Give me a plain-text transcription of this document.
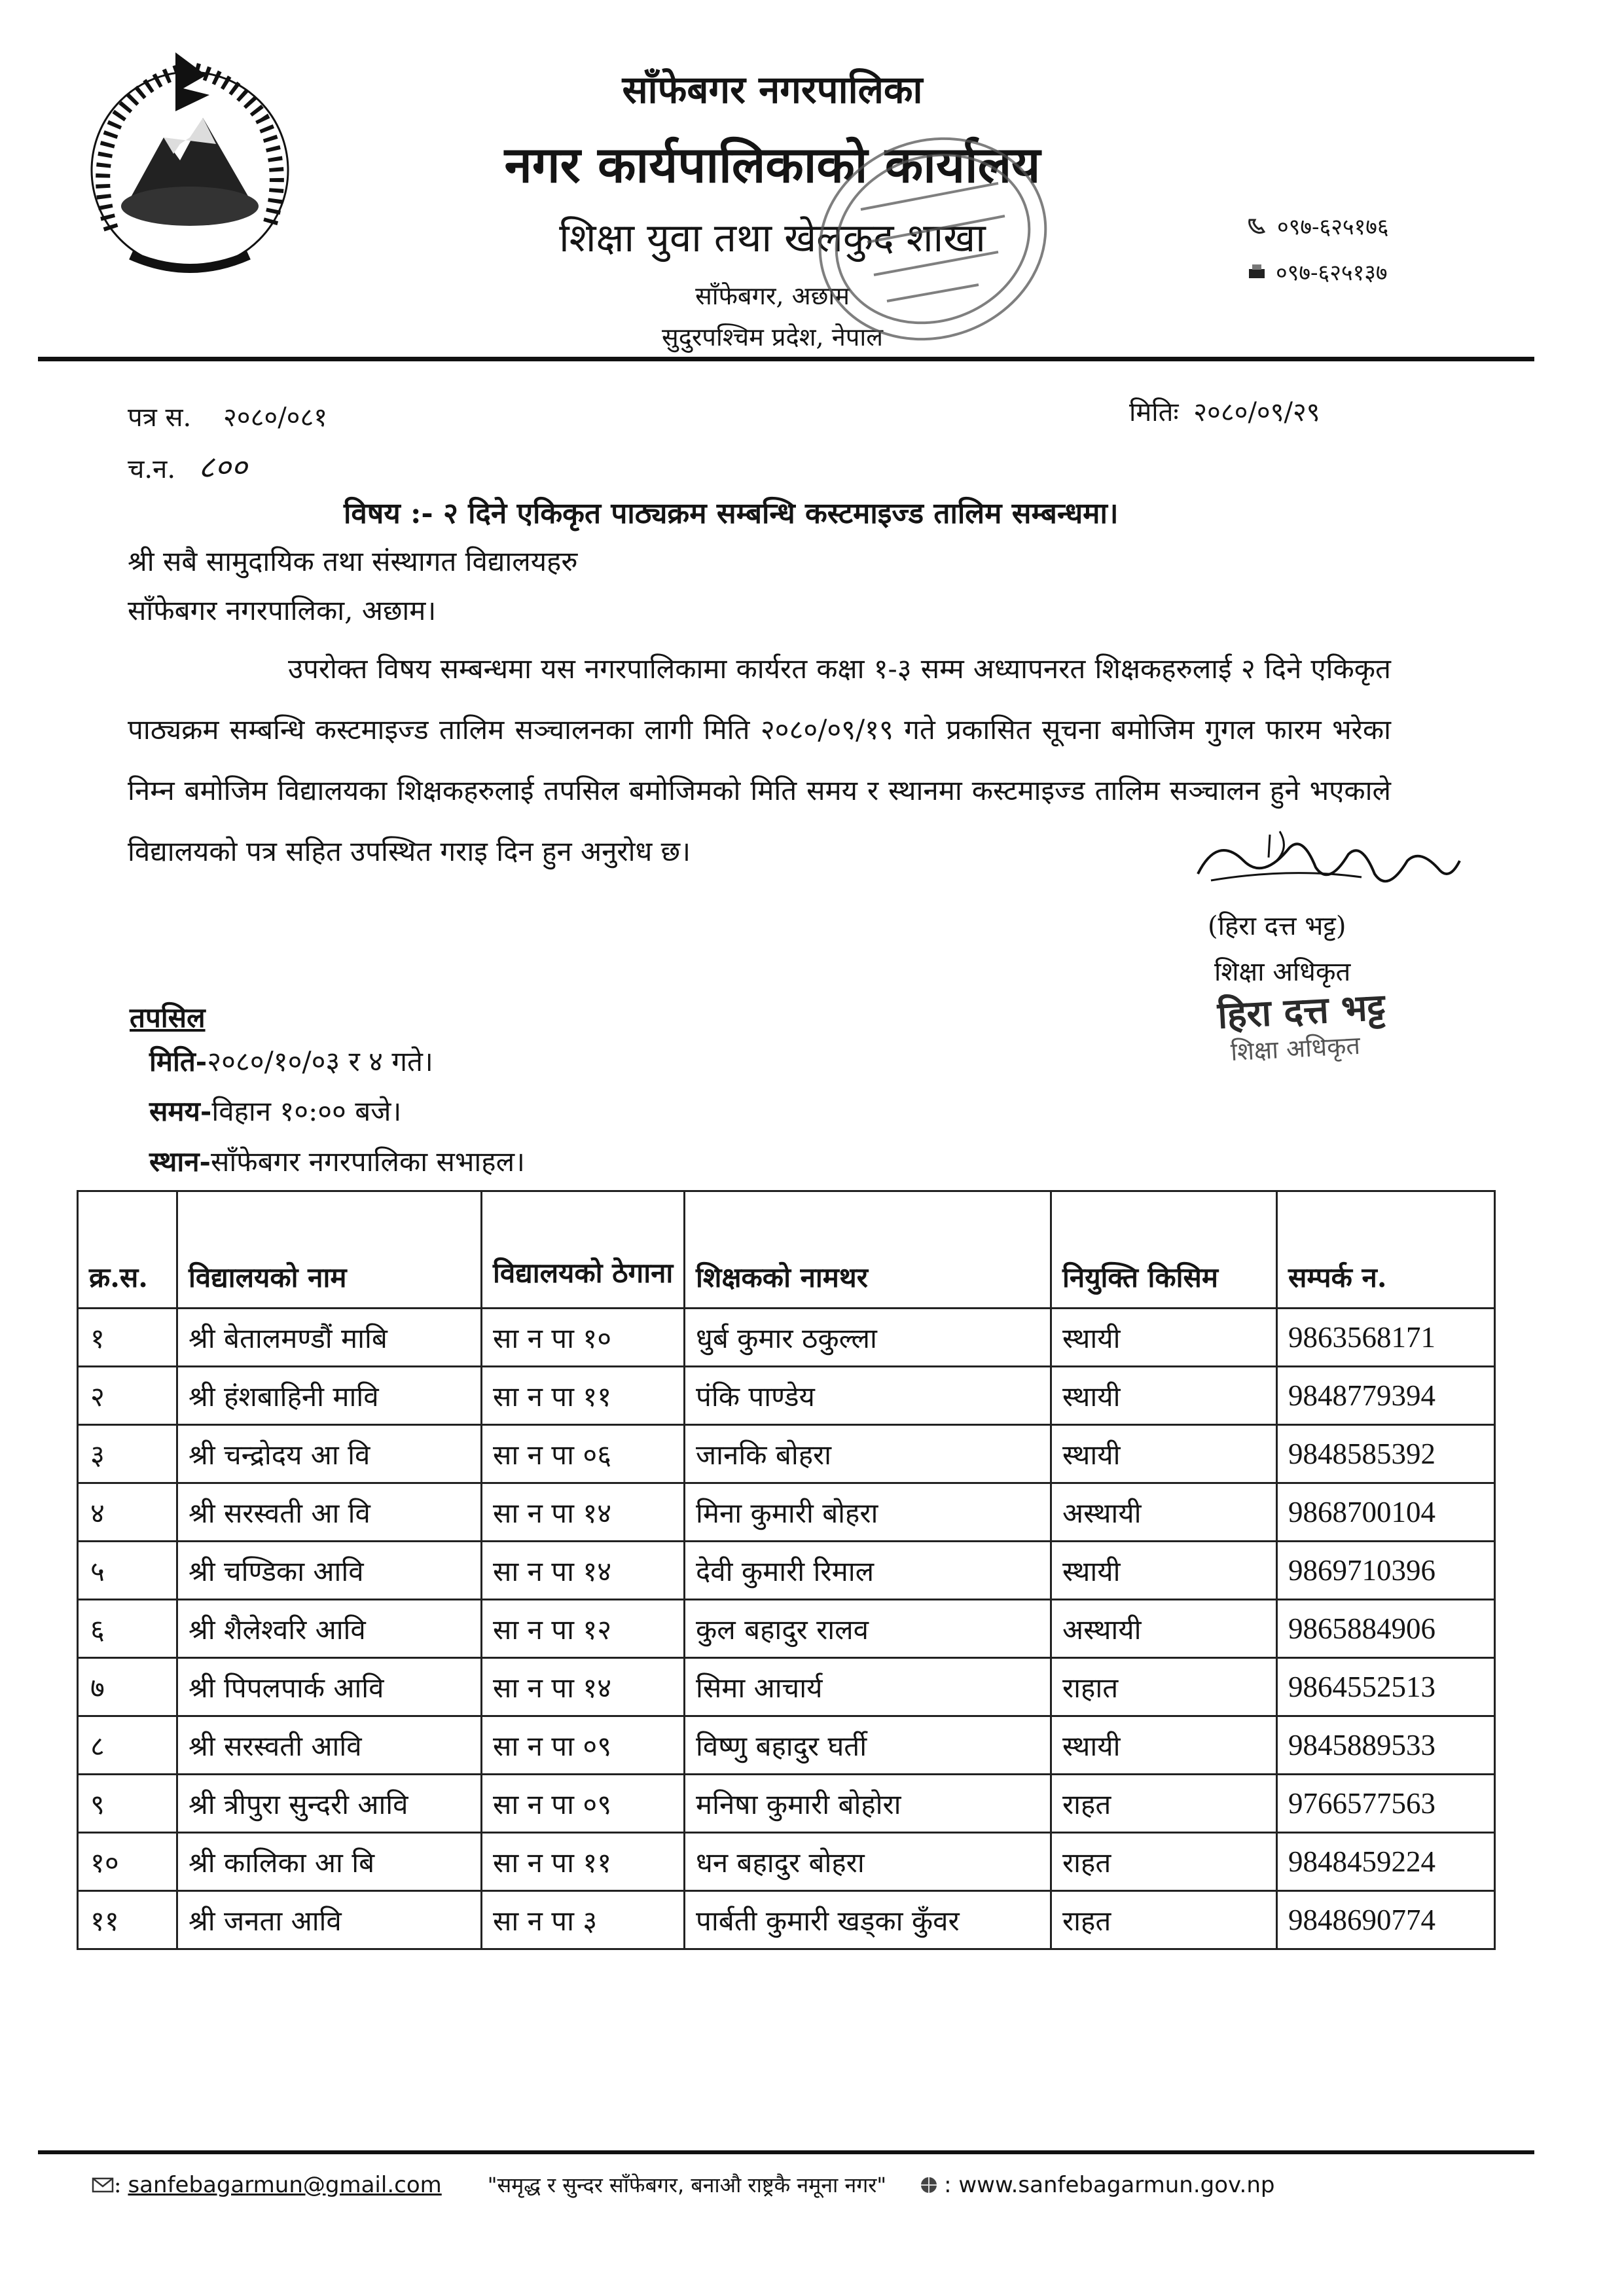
साँफेबगर नगरपालिका
नगर कार्यपालिकाको कार्यालय
शिक्षा युवा तथा खेलकुद शाखा
साँफेबगर, अछाम
सुदुरपश्चिम प्रदेश, नेपाल
०९७-६२५१७६
०९७-६२५१३७
पत्र स. २०८०/०८१	मितिः २०८०/०९/२९
च.न. ८००
विषय :- २ दिने एकिकृत पाठ्यक्रम सम्बन्धि कस्टमाइज्ड तालिम सम्बन्धमा।
श्री सबै सामुदायिक तथा संस्थागत विद्यालयहरु
साँफेबगर नगरपालिका, अछाम।
उपरोक्त विषय सम्बन्धमा यस नगरपालिकामा कार्यरत कक्षा १-३ सम्म अध्यापनरत शिक्षकहरुलाई २ दिने एकिकृत पाठ्यक्रम सम्बन्धि कस्टमाइज्ड तालिम सञ्चालनका लागी मिति २०८०/०९/१९ गते प्रकासित सूचना बमोजिम गुगल फारम भरेका निम्न बमोजिम विद्यालयका शिक्षकहरुलाई तपसिल बमोजिमको मिति समय र स्थानमा कस्टमाइज्ड तालिम सञ्चालन हुने भएकाले विद्यालयको पत्र सहित उपस्थित गराइ दिन हुन अनुरोध छ।
(हिरा दत्त भट्ट)
शिक्षा अधिकृत
हिरा दत्त भट्ट
शिक्षा अधिकृत
तपसिल
मिति-२०८०/१०/०३ र ४ गते।
समय-विहान १०:०० बजे।
स्थान-साँफेबगर नगरपालिका सभाहल।
क्र.स.	विद्यालयको नाम	विद्यालयको ठेगाना	शिक्षकको नामथर	नियुक्ति किसिम	सम्पर्क न.
१	श्री बेतालमण्डौं माबि	सा न पा १०	धुर्ब कुमार ठकुल्ला	स्थायी	9863568171
२	श्री हंशबाहिनी मावि	सा न पा ११	पंकि पाण्डेय	स्थायी	9848779394
३	श्री चन्द्रोदय आ वि	सा न पा ०६	जानकि बोहरा	स्थायी	9848585392
४	श्री सरस्वती आ वि	सा न पा १४	मिना कुमारी बोहरा	अस्थायी	9868700104
५	श्री चण्डिका आवि	सा न पा १४	देवी कुमारी रिमाल	स्थायी	9869710396
६	श्री शैलेश्वरि आवि	सा न पा १२	कुल बहादुर रालव	अस्थायी	9865884906
७	श्री पिपलपार्क आवि	सा न पा १४	सिमा आचार्य	राहात	9864552513
८	श्री सरस्वती आवि	सा न पा ०९	विष्णु बहादुर घर्ती	स्थायी	9845889533
९	श्री त्रीपुरा सुन्दरी आवि	सा न पा ०९	मनिषा कुमारी बोहोरा	राहत	9766577563
१०	श्री कालिका आ बि	सा न पा ११	धन बहादुर बोहरा	राहत	9848459224
११	श्री जनता आवि	सा न पा ३	पार्बती कुमारी खड्का कुँवर	राहत	9848690774
: sanfebagarmun@gmail.com "समृद्ध र सुन्दर साँफेबगर, बनाऔ राष्ट्रकै नमूना नगर"	: www.sanfebagarmun.gov.np
